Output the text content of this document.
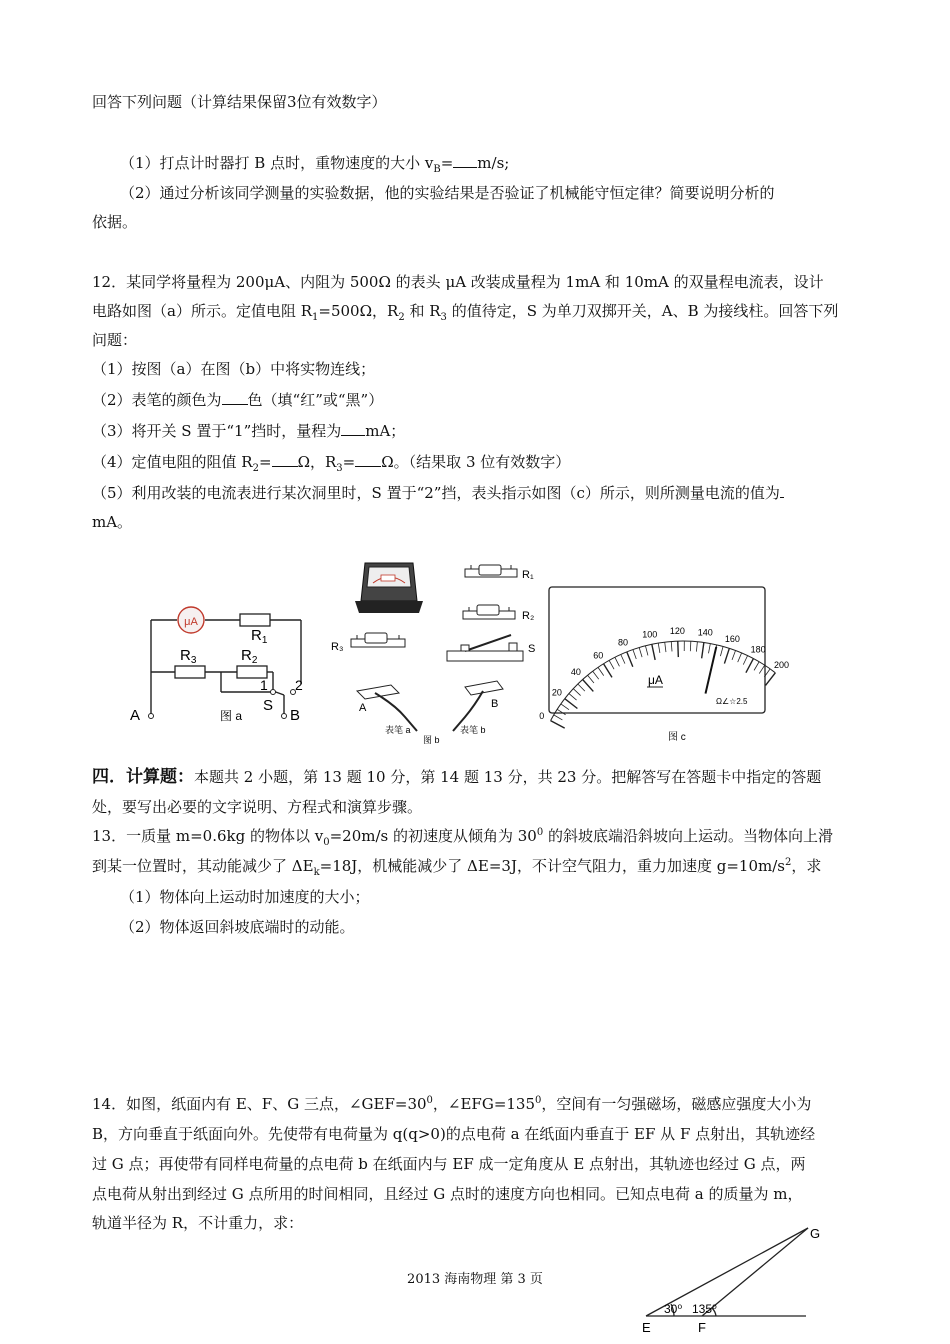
回答下列问题（计算结果保留3位有效数字）
（1）打点计时器打 B 点时，重物速度的大小 $v_B= m/s$;
（2）通过分析该同学测量的实验数据，他的实验结果是否验证了机械能守恒定律？简要说明分析的
依据。
12．某同学将量程为 200μA、内阻为 500Ω 的表头 μA 改装成量程为 1mA 和 10mA 的双量程电流表，设计
电路如图（a）所示。定值电阻 $R_1=500\Omega$，$R_2$ 和 $R_3$ 的值待定，S 为单刀双掷开关，A、B 为接线柱。回答下列
问题：
（1）按图（a）在图（b）中将实物连线；
（2）表笔的颜色为 色（填“红”或“黑”）
（3）将开关 S 置于“1”挡时，量程为 mA；
（4）定值电阻的阻值 $R_2= \Omega$，$R_3= \Omega$。（结果取 3 位有效数字）
（5）利用改装的电流表进行某次洞里时，S 置于“2”挡，表头指示如图（c）所示，则所测量电流的值为
mA。
μA
$R_1$
$R_3$	$R_2$
1 2
S
B
A	图 a
R₁
R₂
R₃	S
A
表笔 a
B
表笔 b
图 b
0
20
40
60
80
100 120 140
160
180
200
μA
Ω∠☆2.5
图 c
四．计算题：本题共 2 小题，第 13 题 10 分，第 14 题 13 分，共 23 分。把解答写在答题卡中指定的答题
处，要写出必要的文字说明、方程式和演算步骤。
13．一质量 m=0.6kg 的物体以 $v_0=20m/s$ 的初速度从倾角为 $30^0$ 的斜坡底端沿斜坡向上运动。当物体向上滑
到某一位置时，其动能减少了 $\Delta E_k=18J$，机械能减少了 ΔE=3J，不计空气阻力，重力加速度 $g=10m/s^2$，求
（1）物体向上运动时加速度的大小；
（2）物体返回斜坡底端时的动能。
14．如图，纸面内有 E、F、G 三点，$\angle GEF=30^0$，$\angle EFG=135^0$，空间有一匀强磁场，磁感应强度大小为
B，方向垂直于纸面向外。先使带有电荷量为 q(q>0)的点电荷 a 在纸面内垂直于 EF 从 F 点射出，其轨迹经
过 G 点；再使带有同样电荷量的点电荷 b 在纸面内与 EF 成一定角度从 E 点射出，其轨迹也经过 G 点，两
点电荷从射出到经过 G 点所用的时间相同，且经过 G 点时的速度方向也相同。已知点电荷 a 的质量为 m，
轨道半径为 R，不计重力，求：
30⁰ 135⁰
E	F
G
2013 海南物理 第 3 页
